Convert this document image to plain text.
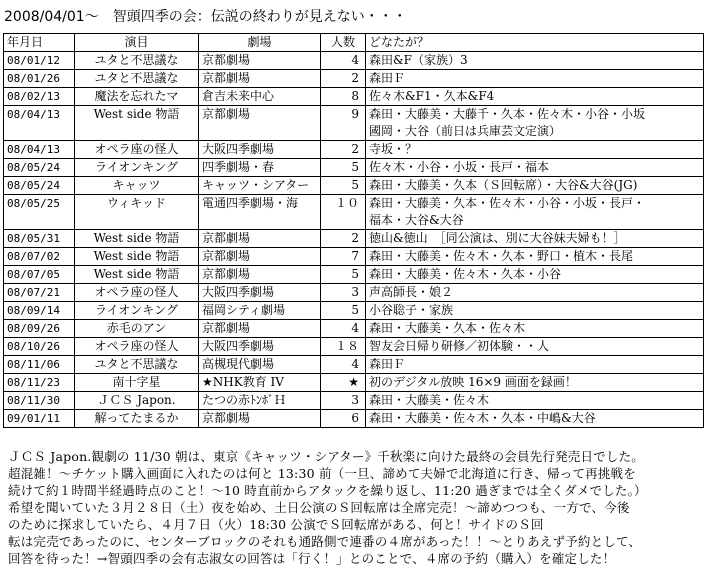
2008/04/01～　智頭四季の会：伝説の終わりが見えない・・・
年月日	演目	劇場	人数	どなたが？
08/01/12	ユタと不思議な	京都劇場	4	森田&F（家族）3
08/01/26	ユタと不思議な	京都劇場	2	森田Ｆ
08/02/13	魔法を忘れたマ	倉吉未来中心	8	佐々木&F1・久本&F4
08/04/13	West side 物語	京都劇場	9	森田・大藤美・大藤千・久本・佐々木・小谷・小坂
國岡・大谷（前日は兵庫芸文定演）
08/04/13	オペラ座の怪人	大阪四季劇場	2	寺坂・？
08/05/24	ライオンキング	四季劇場・春	5	佐々木・小谷・小坂・長戸・福本
08/05/24	キャッツ	キャッツ・シアター	5	森田・大藤美・久本（Ｓ回転席）・大谷&大谷(JG)
08/05/25	ウィキッド	電通四季劇場・海	１０	森田・大藤美・久本・佐々木・小谷・小坂・長戸・
福本・大谷&大谷
08/05/31	West side 物語	京都劇場	2	徳山&徳山　［同公演は、別に大谷妹夫婦も！］
08/07/02	West side 物語	京都劇場	7	森田・大藤美・佐々木・久本・野口・植木・長尾
08/07/05	West side 物語	京都劇場	5	森田・大藤美・佐々木・久本・小谷
08/07/21	オペラ座の怪人	大阪四季劇場	3	声高師長・娘２
08/09/14	ライオンキング	福岡シティ劇場	5	小谷聡子・家族
08/09/26	赤毛のアン	京都劇場	4	森田・大藤美・久本・佐々木
08/10/26	オペラ座の怪人	大阪四季劇場	１８	智友会日帰り研修／初体験・・人
08/11/06	ユタと不思議な	高槻現代劇場	4	森田Ｆ
08/11/23	南十字星	★NHK教育 IV	★	初のデジタル放映 16×9 画面を録画！
08/11/30	ＪＣＳ Japon.	たつの赤ﾄﾝﾎﾞＨ	3	森田・大藤美・佐々木
09/01/11	解ってたまるか	京都劇場	6	森田・大藤美・佐々木・久本・中嶋&大谷

ＪＣＳ Japon.観劇の 11/30 朝は、東京《キャッツ・シアター》千秋楽に向けた最終の会員先行発売日でした。

超混雑！～チケット購入画面に入れたのは何と 13:30 前（一旦、諦めて夫婦で北海道に行き、帰って再挑戦を

続けて約１時間半経過時点のこと！～10 時直前からアタックを繰り返し、11:20 過ぎまでは全くダメでした。）

希望を聞いていた３月２８日（土）夜を始め、土日公演のＳ回転席は全席完売！～諦めつつも、一方で、今後

のために探求していたら、４月７日（火）18:30 公演でＳ回転席がある、何と！サイドのＳ回

転は完売であったのに、センターブロックのそれも通路側で連番の４席があった！！～とりあえず予約として、

回答を待った！→智頭四季の会有志淑女の回答は「行く！」とのことで、４席の予約（購入）を確定した！
